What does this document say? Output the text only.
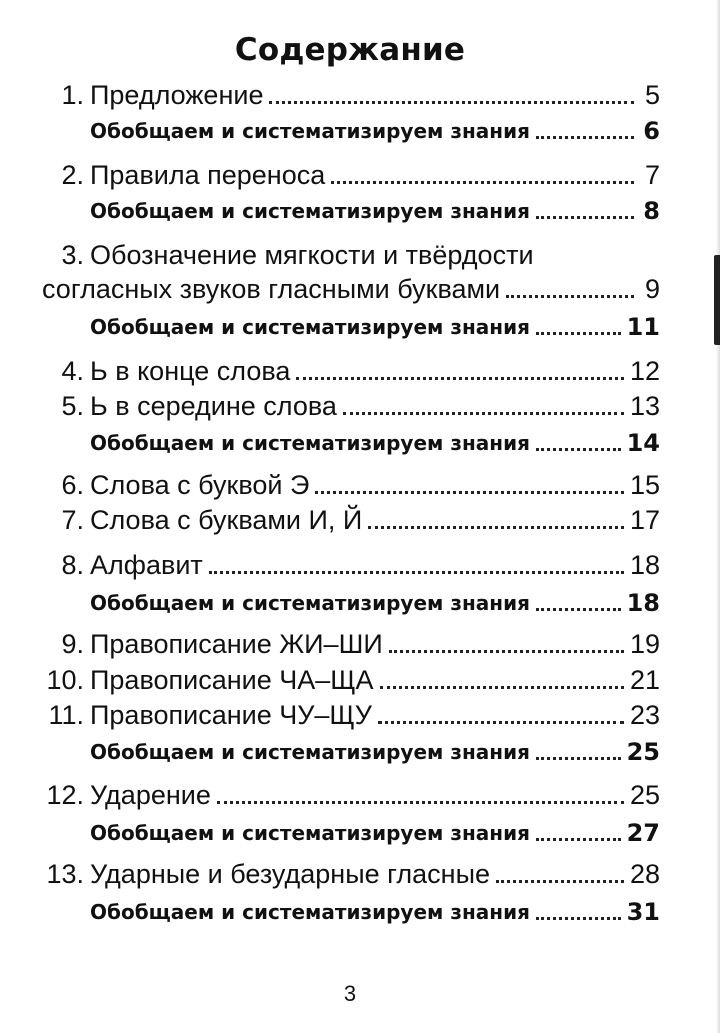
Содержание
1. Предложение	5
Обобщаем и систематизируем знания	6
2. Правила переноса	7
Обобщаем и систематизируем знания	8
3. Обозначение мягкости и твёрдости
согласных звуков гласными буквами	9
Обобщаем и систематизируем знания	11
4. Ь в конце слова	12
5. Ь в середине слова	13
Обобщаем и систематизируем знания	14
6. Слова с буквой Э	15
7. Слова с буквами И, Й	17
8. Алфавит	18
Обобщаем и систематизируем знания	18
9. Правописание ЖИ–ШИ	19
10. Правописание ЧА–ЩА	21
11. Правописание ЧУ–ЩУ	23
Обобщаем и систематизируем знания	25
12. Ударение	25
Обобщаем и систематизируем знания	27
13. Ударные и безударные гласные	28
Обобщаем и систематизируем знания	31
3
